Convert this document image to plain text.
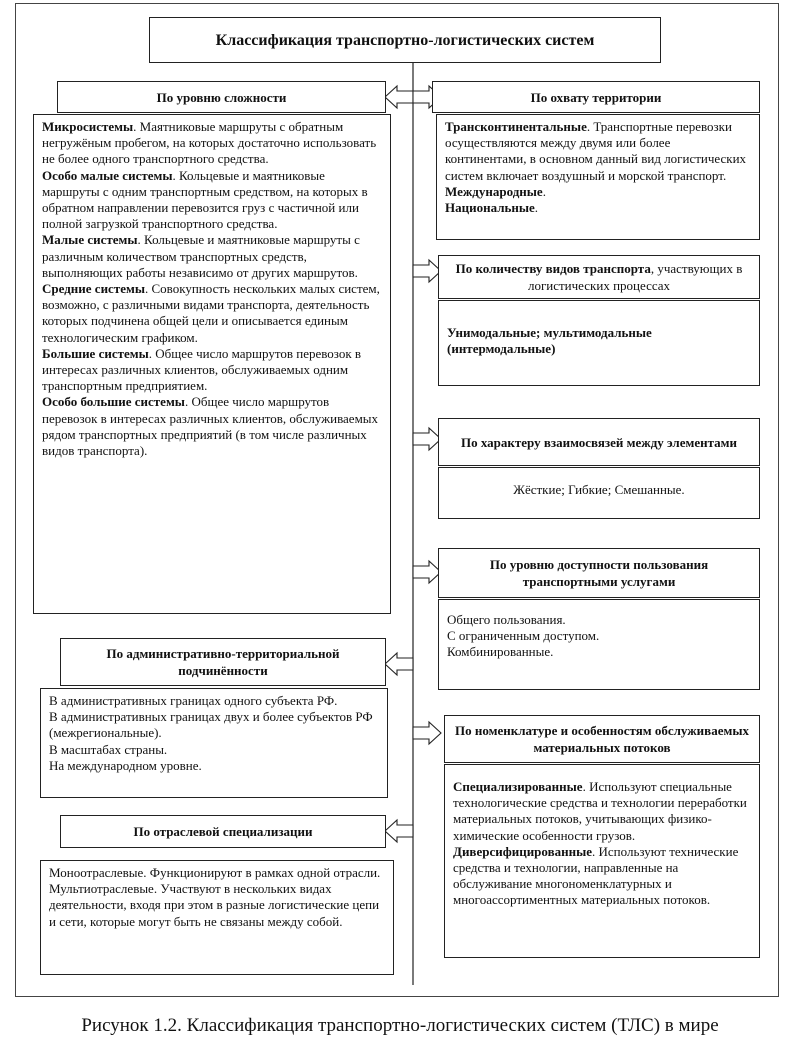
Классификация транспортно-логистических систем
По уровню сложности

Микросистемы. Маятниковые маршруты с обратным негружёным пробегом, на которых достаточно использовать не более одного транспортного средства.

Особо малые системы. Кольцевые и маятниковые маршруты с одним транспортным средством, на которых в обратном направлении перевозится груз с частичной или полной загрузкой транспортного средства.

Малые системы. Кольцевые и маятниковые маршруты с различным количеством транспортных средств, выполняющих работы независимо от других маршрутов.

Средние системы. Совокупность нескольких малых систем, возможно, с различными видами транспорта, деятельность которых подчинена общей цели и описывается единым технологическим графиком.

Большие системы. Общее число маршрутов перевозок в интересах различных клиентов, обслуживаемых одним транспортным предприятием.

Особо большие системы. Общее число маршрутов перевозок в интересах различных клиентов, обслуживаемых рядом транспортных предприятий (в том числе различных видов транспорта).

По административно-территориальной подчинённости

В административных границах одного субъекта РФ.

В административных границах двух и более субъектов РФ (межрегиональные).

В масштабах страны.

На международном уровне.

По отраслевой специализации

Моноотраслевые. Функционируют в рамках одной отрасли.

Мультиотраслевые. Участвуют в нескольких видах деятельности, входя при этом в разные логистические цепи и сети, которые могут быть не связаны между собой.

По охвату территории

Трансконтинентальные. Транспортные перевозки осуществляются между двумя или более континентами, в основном данный вид логистических систем включает воздушный и морской транспорт.

Международные.

Национальные.

По количеству видов транспорта, участвующих в логистических процессах
Унимодальные; мультимодальные (интермодальные)
По характеру взаимосвязей между элементами
Жёсткие; Гибкие; Смешанные.
По уровню доступности пользования транспортными услугами

Общего пользования.

С ограниченным доступом.

Комбинированные.

По номенклатуре и особенностям обслуживаемых материальных потоков

Специализированные. Используют специальные технологические средства и технологии переработки материальных потоков, учитывающих физико-химические особенности грузов.

Диверсифицированные. Используют технические средства и технологии, направленные на обслуживание многономенклатурных и многоассортиментных материальных потоков.

Рисунок 1.2. Классификация транспортно-логистических систем (ТЛС) в мире
